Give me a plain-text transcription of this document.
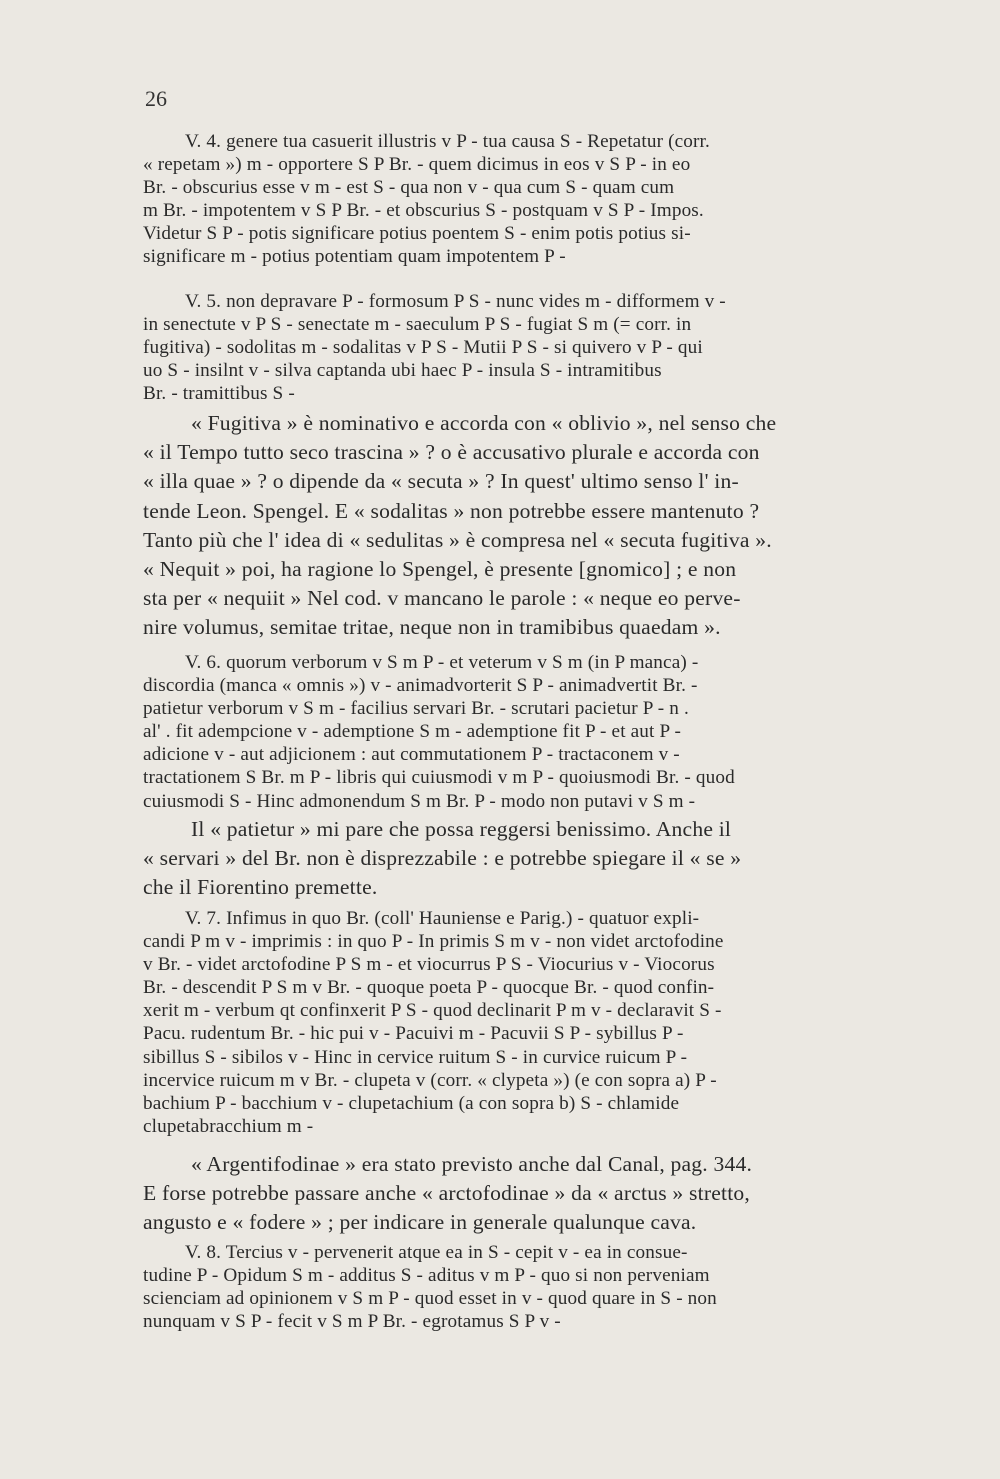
26
V. 4. genere tua casuerit illustris v P - tua causa S - Repetatur (corr.
« repetam ») m - opportere S P Br. - quem dicimus in eos v S P - in eo
Br. - obscurius esse v m - est S - qua non v - qua cum S - quam cum
m Br. - impotentem v S P Br. - et obscurius S - postquam v S P - Impos.
Videtur S P - potis significare potius poentem S - enim potis potius si-
significare m - potius potentiam quam impotentem P -
V. 5. non depravare P - formosum P S - nunc vides m - difformem v -
in senectute v P S - senectate m - saeculum P S - fugiat S m (= corr. in
fugitiva) - sodolitas m - sodalitas v P S - Mutii P S - si quivero v P - qui
uo S - insilnt v - silva captanda ubi haec P - insula S - intramitibus
Br. - tramittibus S -
« Fugitiva » è nominativo e accorda con « oblivio », nel senso che
« il Tempo tutto seco trascina » ? o è accusativo plurale e accorda con
« illa quae » ? o dipende da « secuta » ? In quest' ultimo senso l' in-
tende Leon. Spengel. E « sodalitas » non potrebbe essere mantenuto ?
Tanto più che l' idea di « sedulitas » è compresa nel « secuta fugitiva ».
« Nequit » poi, ha ragione lo Spengel, è presente [gnomico] ; e non
sta per « nequiit » Nel cod. v mancano le parole : « neque eo perve-
nire volumus, semitae tritae, neque non in tramibibus quaedam ».
V. 6. quorum verborum v S m P - et veterum v S m (in P manca) -
discordia (manca « omnis ») v - animadvorterit S P - animadvertit Br. -
patietur verborum v S m - facilius servari Br. - scrutari pacietur P - n .
al' . fit adempcione v - ademptione S m - ademptione fit P - et aut P -
adicione v - aut adjicionem : aut commutationem P - tractaconem v -
tractationem S Br. m P - libris qui cuiusmodi v m P - quoiusmodi Br. - quod
cuiusmodi S - Hinc admonendum S m Br. P - modo non putavi v S m -
Il « patietur » mi pare che possa reggersi benissimo. Anche il
« servari » del Br. non è disprezzabile : e potrebbe spiegare il « se »
che il Fiorentino premette.
V. 7. Infimus in quo Br. (coll' Hauniense e Parig.) - quatuor expli-
candi P m v - imprimis : in quo P - In primis S m v - non videt arctofodine
v Br. - videt arctofodine P S m - et viocurrus P S - Viocurius v - Viocorus
Br. - descendit P S m v Br. - quoque poeta P - quocque Br. - quod confin-
xerit m - verbum qt confinxerit P S - quod declinarit P m v - declaravit S -
Pacu. rudentum Br. - hic pui v - Pacuivi m - Pacuvii S P - sybillus P -
sibillus S - sibilos v - Hinc in cervice ruitum S - in curvice ruicum P -
incervice ruicum m v Br. - clupeta v (corr. « clypeta ») (e con sopra a) P -
bachium P - bacchium v - clupetachium (a con sopra b) S - chlamide
clupetabracchium m -
« Argentifodinae » era stato previsto anche dal Canal, pag. 344.
E forse potrebbe passare anche « arctofodinae » da « arctus » stretto,
angusto e « fodere » ; per indicare in generale qualunque cava.
V. 8. Tercius v - pervenerit atque ea in S - cepit v - ea in consue-
tudine P - Opidum S m - additus S - aditus v m P - quo si non perveniam
scienciam ad opinionem v S m P - quod esset in v - quod quare in S - non
nunquam v S P - fecit v S m P Br. - egrotamus S P v -
